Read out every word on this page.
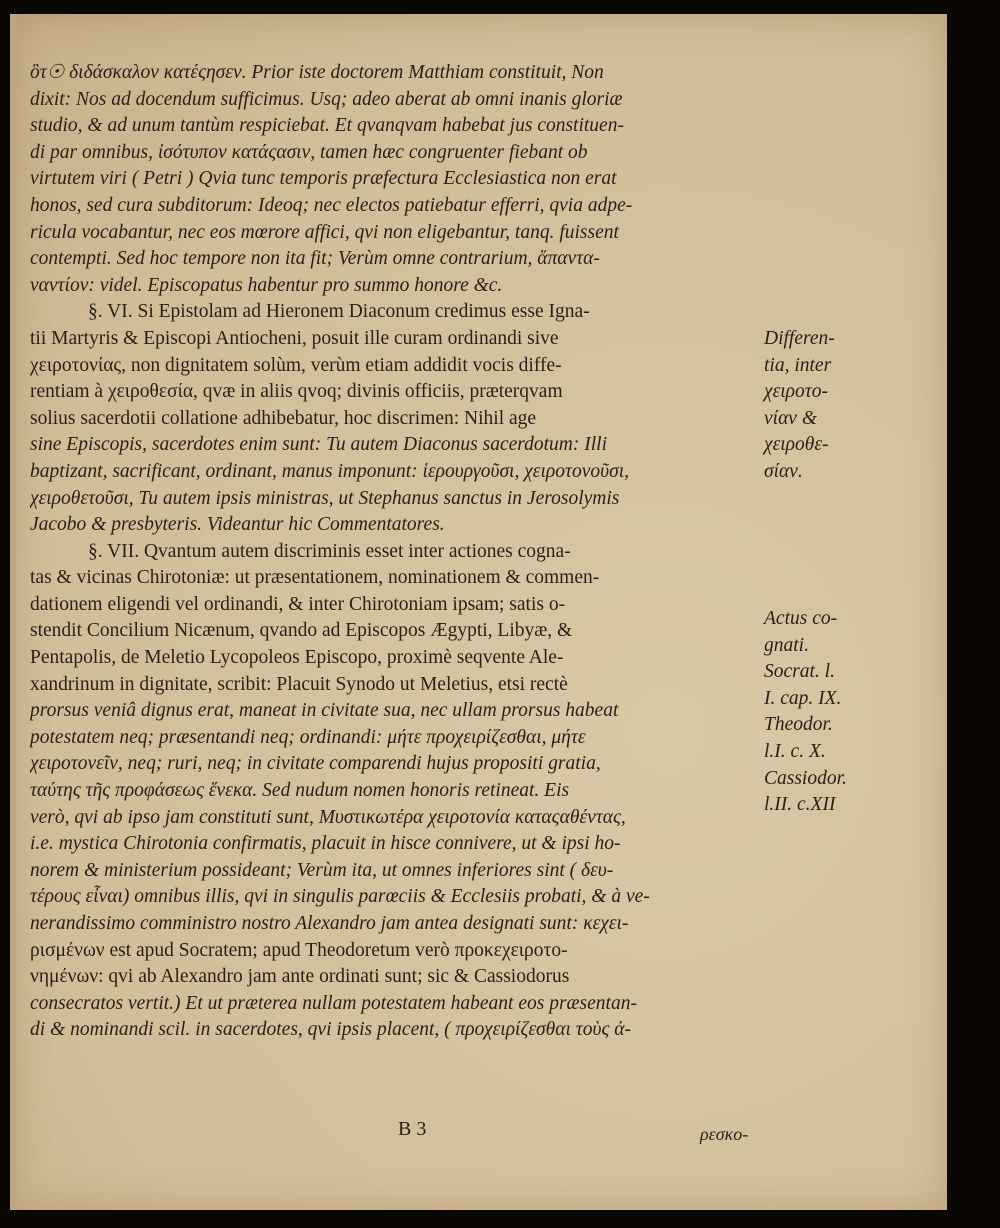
ὃτ☉ διδάσκαλον κατέςησεν. Prior iste doctorem Matthiam constituit, Non
dixit: Nos ad docendum sufficimus. Usq; adeo aberat ab omni inanis gloriæ
studio, & ad unum tantùm respiciebat. Et qvanqvam habebat jus constituen-
di par omnibus, ἰσότυπον κατάςασιν, tamen hæc congruenter fiebant ob
virtutem viri ( Petri ) Qvia tunc temporis præfectura Ecclesiastica non erat
honos, sed cura subditorum: Ideoq; nec electos patiebatur efferri, qvia adpe-
ricula vocabantur, nec eos mœrore affici, qvi non eligebantur, tanq. fuissent
contempti. Sed hoc tempore non ita fit; Verùm omne contrarium, ἅπαντα-
ναντίον: videl. Episcopatus habentur pro summo honore &c.
§. VI. Si Epistolam ad Hieronem Diaconum credimus esse Igna-
tii Martyris & Episcopi Antiocheni, posuit ille curam ordinandi sive
χειροτονίας, non dignitatem solùm, verùm etiam addidit vocis diffe-
rentiam à χειροθεσία, qvæ in aliis qvoq; divinis officiis, præterqvam
solius sacerdotii collatione adhibebatur, hoc discrimen: Nihil age
sine Episcopis, sacerdotes enim sunt: Tu autem Diaconus sacerdotum: Illi
baptizant, sacrificant, ordinant, manus imponunt: ἱερουργοῦσι, χειροτονοῦσι,
χειροθετοῦσι, Tu autem ipsis ministras, ut Stephanus sanctus in Jerosolymis
Jacobo & presbyteris. Videantur hic Commentatores.
§. VII. Qvantum autem discriminis esset inter actiones cogna-
tas & vicinas Chirotoniæ: ut præsentationem, nominationem & commen-
dationem eligendi vel ordinandi, & inter Chirotoniam ipsam; satis o-
stendit Concilium Nicænum, qvando ad Episcopos Ægypti, Libyæ, &
Pentapolis, de Meletio Lycopoleos Episcopo, proximè seqvente Ale-
xandrinum in dignitate, scribit: Placuit Synodo ut Meletius, etsi rectè
prorsus veniâ dignus erat, maneat in civitate sua, nec ullam prorsus habeat
potestatem neq; præsentandi neq; ordinandi: μήτε προχειρίζεσθαι, μήτε
χειροτονεῖν, neq; ruri, neq; in civitate comparendi hujus propositi gratia,
ταύτης τῆς προφάσεως ἕνεκα. Sed nudum nomen honoris retineat. Eis
verò, qvi ab ipso jam constituti sunt, Μυστικωτέρα χειροτονία καταςαθέντας,
i.e. mystica Chirotonia confirmatis, placuit in hisce connivere, ut & ipsi ho-
norem & ministerium possideant; Verùm ita, ut omnes inferiores sint ( δευ-
τέρους εἶναι) omnibus illis, qvi in singulis parœciis & Ecclesiis probati, & à ve-
nerandissimo comministro nostro Alexandro jam antea designati sunt: κεχει-
ρισμένων est apud Socratem; apud Theodoretum verò προκεχειροτο-
νημένων: qvi ab Alexandro jam ante ordinati sunt; sic & Cassiodorus
consecratos vertit.) Et ut præterea nullam potestatem habeant eos præsentan-
di & nominandi scil. in sacerdotes, qvi ipsis placent, ( προχειρίζεσθαι τοὺς ἀ-
Differen-
tia, inter
χειροτο-
νίαν &
χειροθε-
σίαν.
Actus co-
gnati.
Socrat. l.
I. cap. IX.
Theodor.
l.I. c. X.
Cassiodor.
l.II. c.XII
B 3	ρεσκο-
